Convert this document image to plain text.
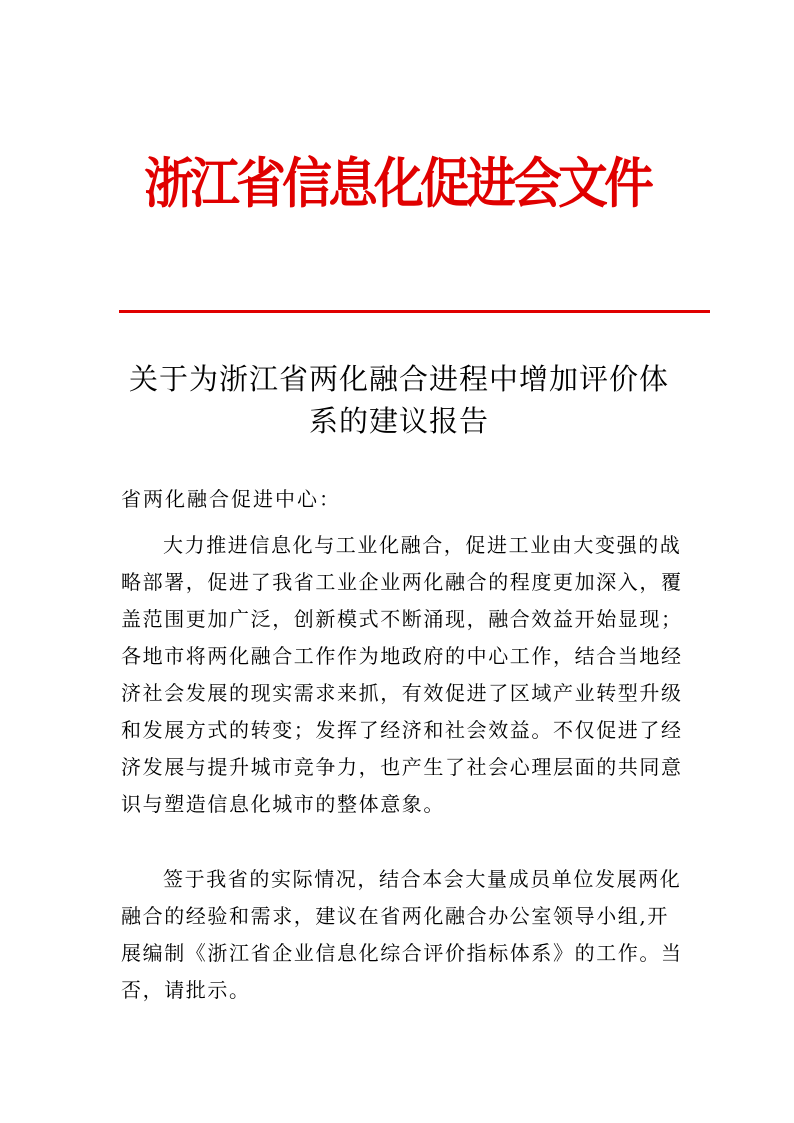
浙江省信息化促进会文件
关于为浙江省两化融合进程中增加评价体
系的建议报告
省两化融合促进中心：
大力推进信息化与工业化融合，促进工业由大变强的战
略部署，促进了我省工业企业两化融合的程度更加深入，覆
盖范围更加广泛，创新模式不断涌现，融合效益开始显现；
各地市将两化融合工作作为地政府的中心工作，结合当地经
济社会发展的现实需求来抓，有效促进了区域产业转型升级
和发展方式的转变；发挥了经济和社会效益。不仅促进了经
济发展与提升城市竞争力，也产生了社会心理层面的共同意
识与塑造信息化城市的整体意象。
签于我省的实际情况，结合本会大量成员单位发展两化
融合的经验和需求，建议在省两化融合办公室领导小组,开
展编制《浙江省企业信息化综合评价指标体系》的工作。当
否，请批示。
